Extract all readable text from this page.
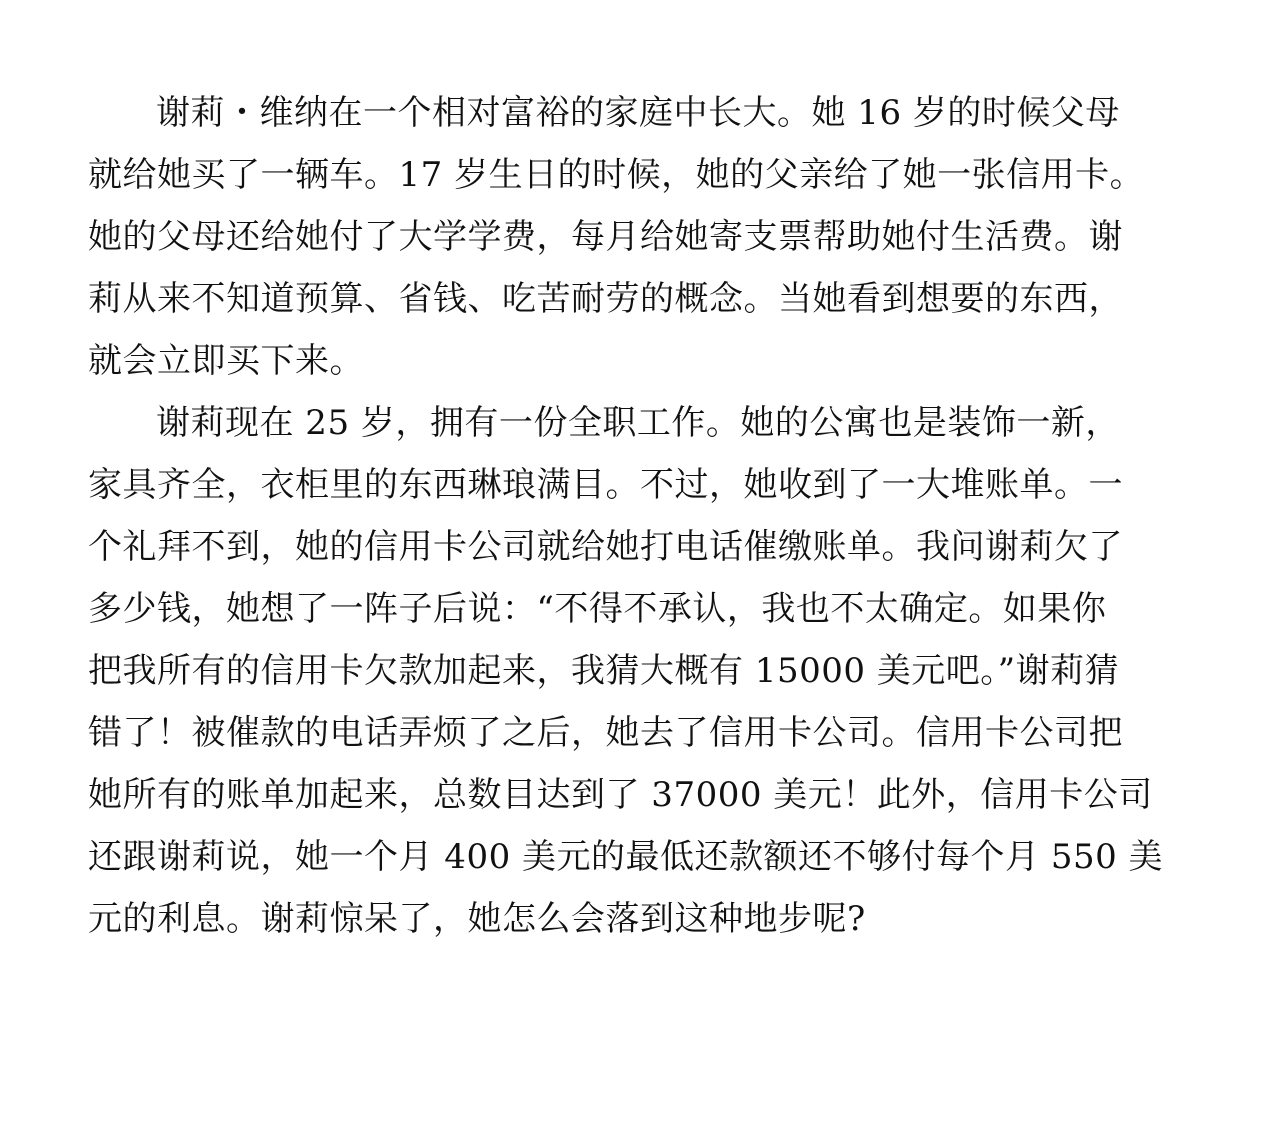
谢莉・维纳在一个相对富裕的家庭中长大。她 16 岁的时候父母
就给她买了一辆车。17 岁生日的时候，她的父亲给了她一张信用卡。
她的父母还给她付了大学学费，每月给她寄支票帮助她付生活费。谢
莉从来不知道预算、省钱、吃苦耐劳的概念。当她看到想要的东西，
就会立即买下来。
谢莉现在 25 岁，拥有一份全职工作。她的公寓也是装饰一新，
家具齐全，衣柜里的东西琳琅满目。不过，她收到了一大堆账单。一
个礼拜不到，她的信用卡公司就给她打电话催缴账单。我问谢莉欠了
多少钱，她想了一阵子后说：“不得不承认，我也不太确定。如果你
把我所有的信用卡欠款加起来，我猜大概有 15000 美元吧。”谢莉猜
错了！被催款的电话弄烦了之后，她去了信用卡公司。信用卡公司把
她所有的账单加起来，总数目达到了 37000 美元！此外，信用卡公司
还跟谢莉说，她一个月 400 美元的最低还款额还不够付每个月 550 美
元的利息。谢莉惊呆了，她怎么会落到这种地步呢?
